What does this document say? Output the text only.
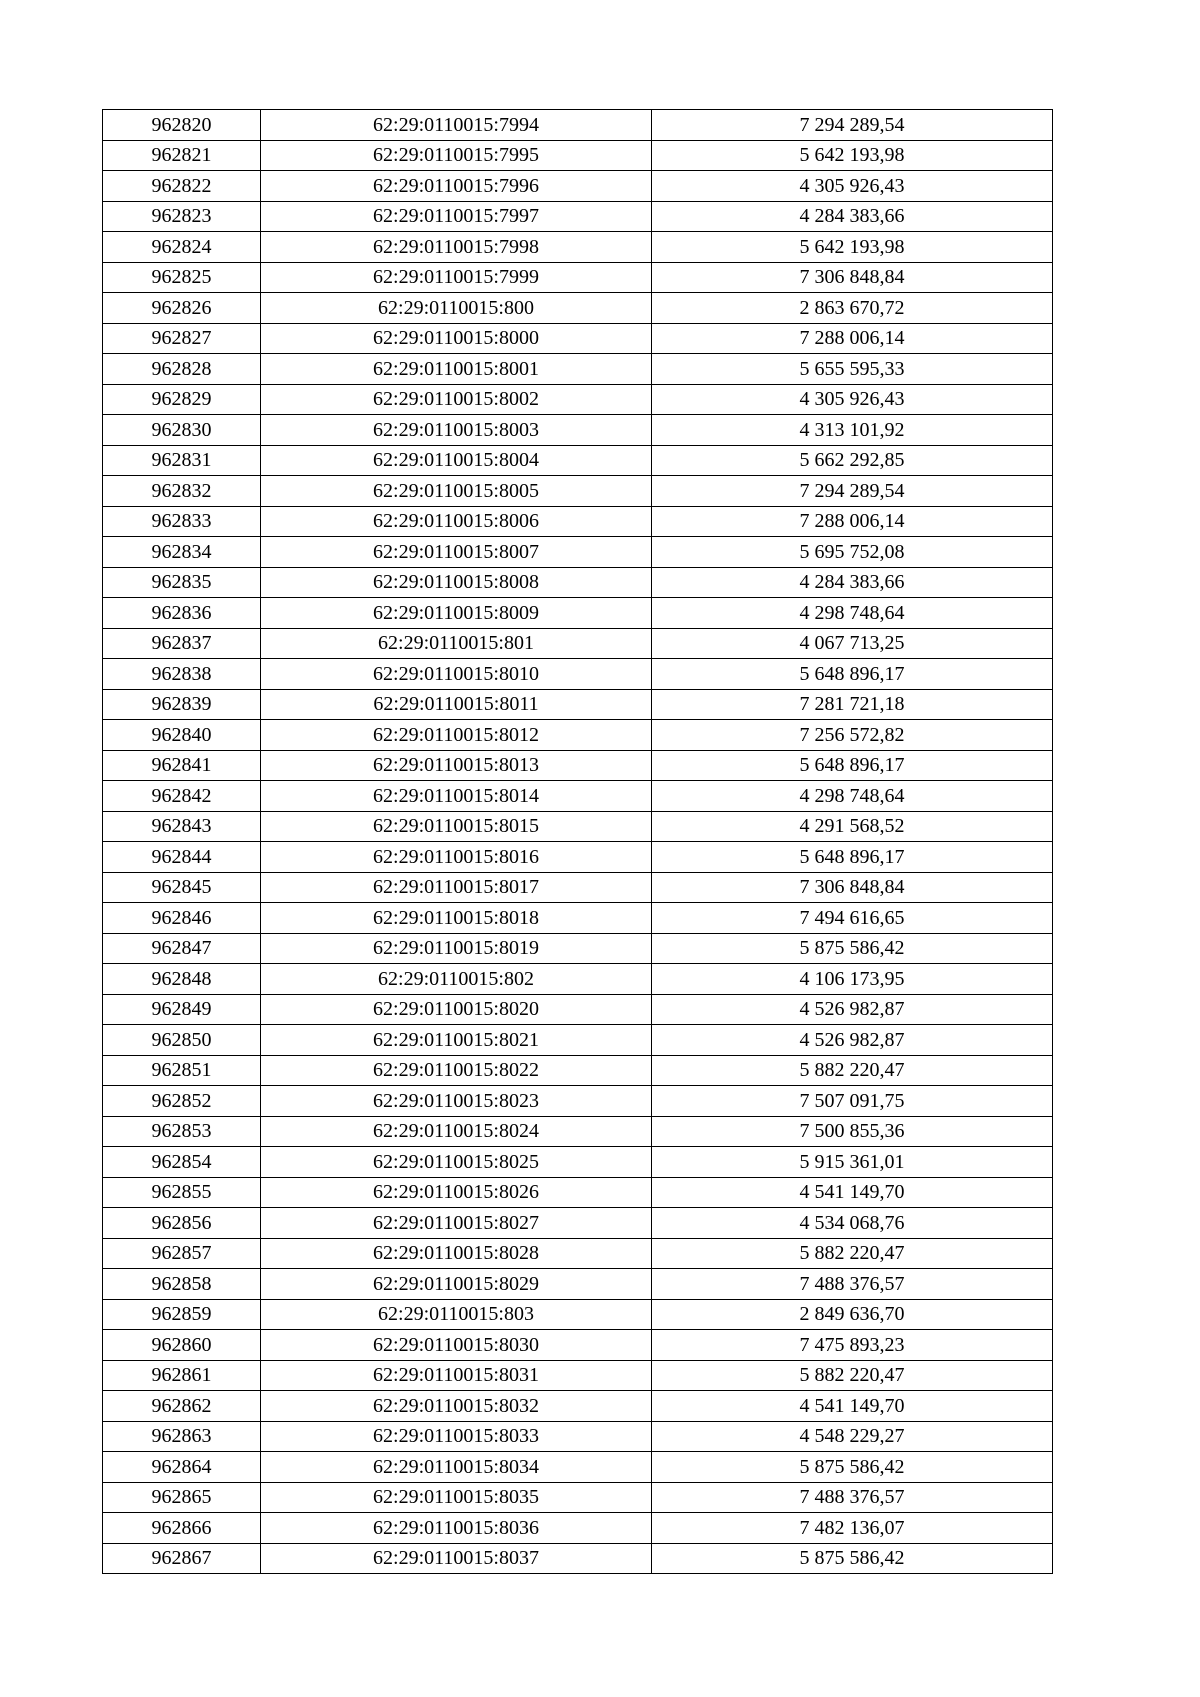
962820	62:29:0110015:7994	7 294 289,54
962821	62:29:0110015:7995	5 642 193,98
962822	62:29:0110015:7996	4 305 926,43
962823	62:29:0110015:7997	4 284 383,66
962824	62:29:0110015:7998	5 642 193,98
962825	62:29:0110015:7999	7 306 848,84
962826	62:29:0110015:800	2 863 670,72
962827	62:29:0110015:8000	7 288 006,14
962828	62:29:0110015:8001	5 655 595,33
962829	62:29:0110015:8002	4 305 926,43
962830	62:29:0110015:8003	4 313 101,92
962831	62:29:0110015:8004	5 662 292,85
962832	62:29:0110015:8005	7 294 289,54
962833	62:29:0110015:8006	7 288 006,14
962834	62:29:0110015:8007	5 695 752,08
962835	62:29:0110015:8008	4 284 383,66
962836	62:29:0110015:8009	4 298 748,64
962837	62:29:0110015:801	4 067 713,25
962838	62:29:0110015:8010	5 648 896,17
962839	62:29:0110015:8011	7 281 721,18
962840	62:29:0110015:8012	7 256 572,82
962841	62:29:0110015:8013	5 648 896,17
962842	62:29:0110015:8014	4 298 748,64
962843	62:29:0110015:8015	4 291 568,52
962844	62:29:0110015:8016	5 648 896,17
962845	62:29:0110015:8017	7 306 848,84
962846	62:29:0110015:8018	7 494 616,65
962847	62:29:0110015:8019	5 875 586,42
962848	62:29:0110015:802	4 106 173,95
962849	62:29:0110015:8020	4 526 982,87
962850	62:29:0110015:8021	4 526 982,87
962851	62:29:0110015:8022	5 882 220,47
962852	62:29:0110015:8023	7 507 091,75
962853	62:29:0110015:8024	7 500 855,36
962854	62:29:0110015:8025	5 915 361,01
962855	62:29:0110015:8026	4 541 149,70
962856	62:29:0110015:8027	4 534 068,76
962857	62:29:0110015:8028	5 882 220,47
962858	62:29:0110015:8029	7 488 376,57
962859	62:29:0110015:803	2 849 636,70
962860	62:29:0110015:8030	7 475 893,23
962861	62:29:0110015:8031	5 882 220,47
962862	62:29:0110015:8032	4 541 149,70
962863	62:29:0110015:8033	4 548 229,27
962864	62:29:0110015:8034	5 875 586,42
962865	62:29:0110015:8035	7 488 376,57
962866	62:29:0110015:8036	7 482 136,07
962867	62:29:0110015:8037	5 875 586,42
